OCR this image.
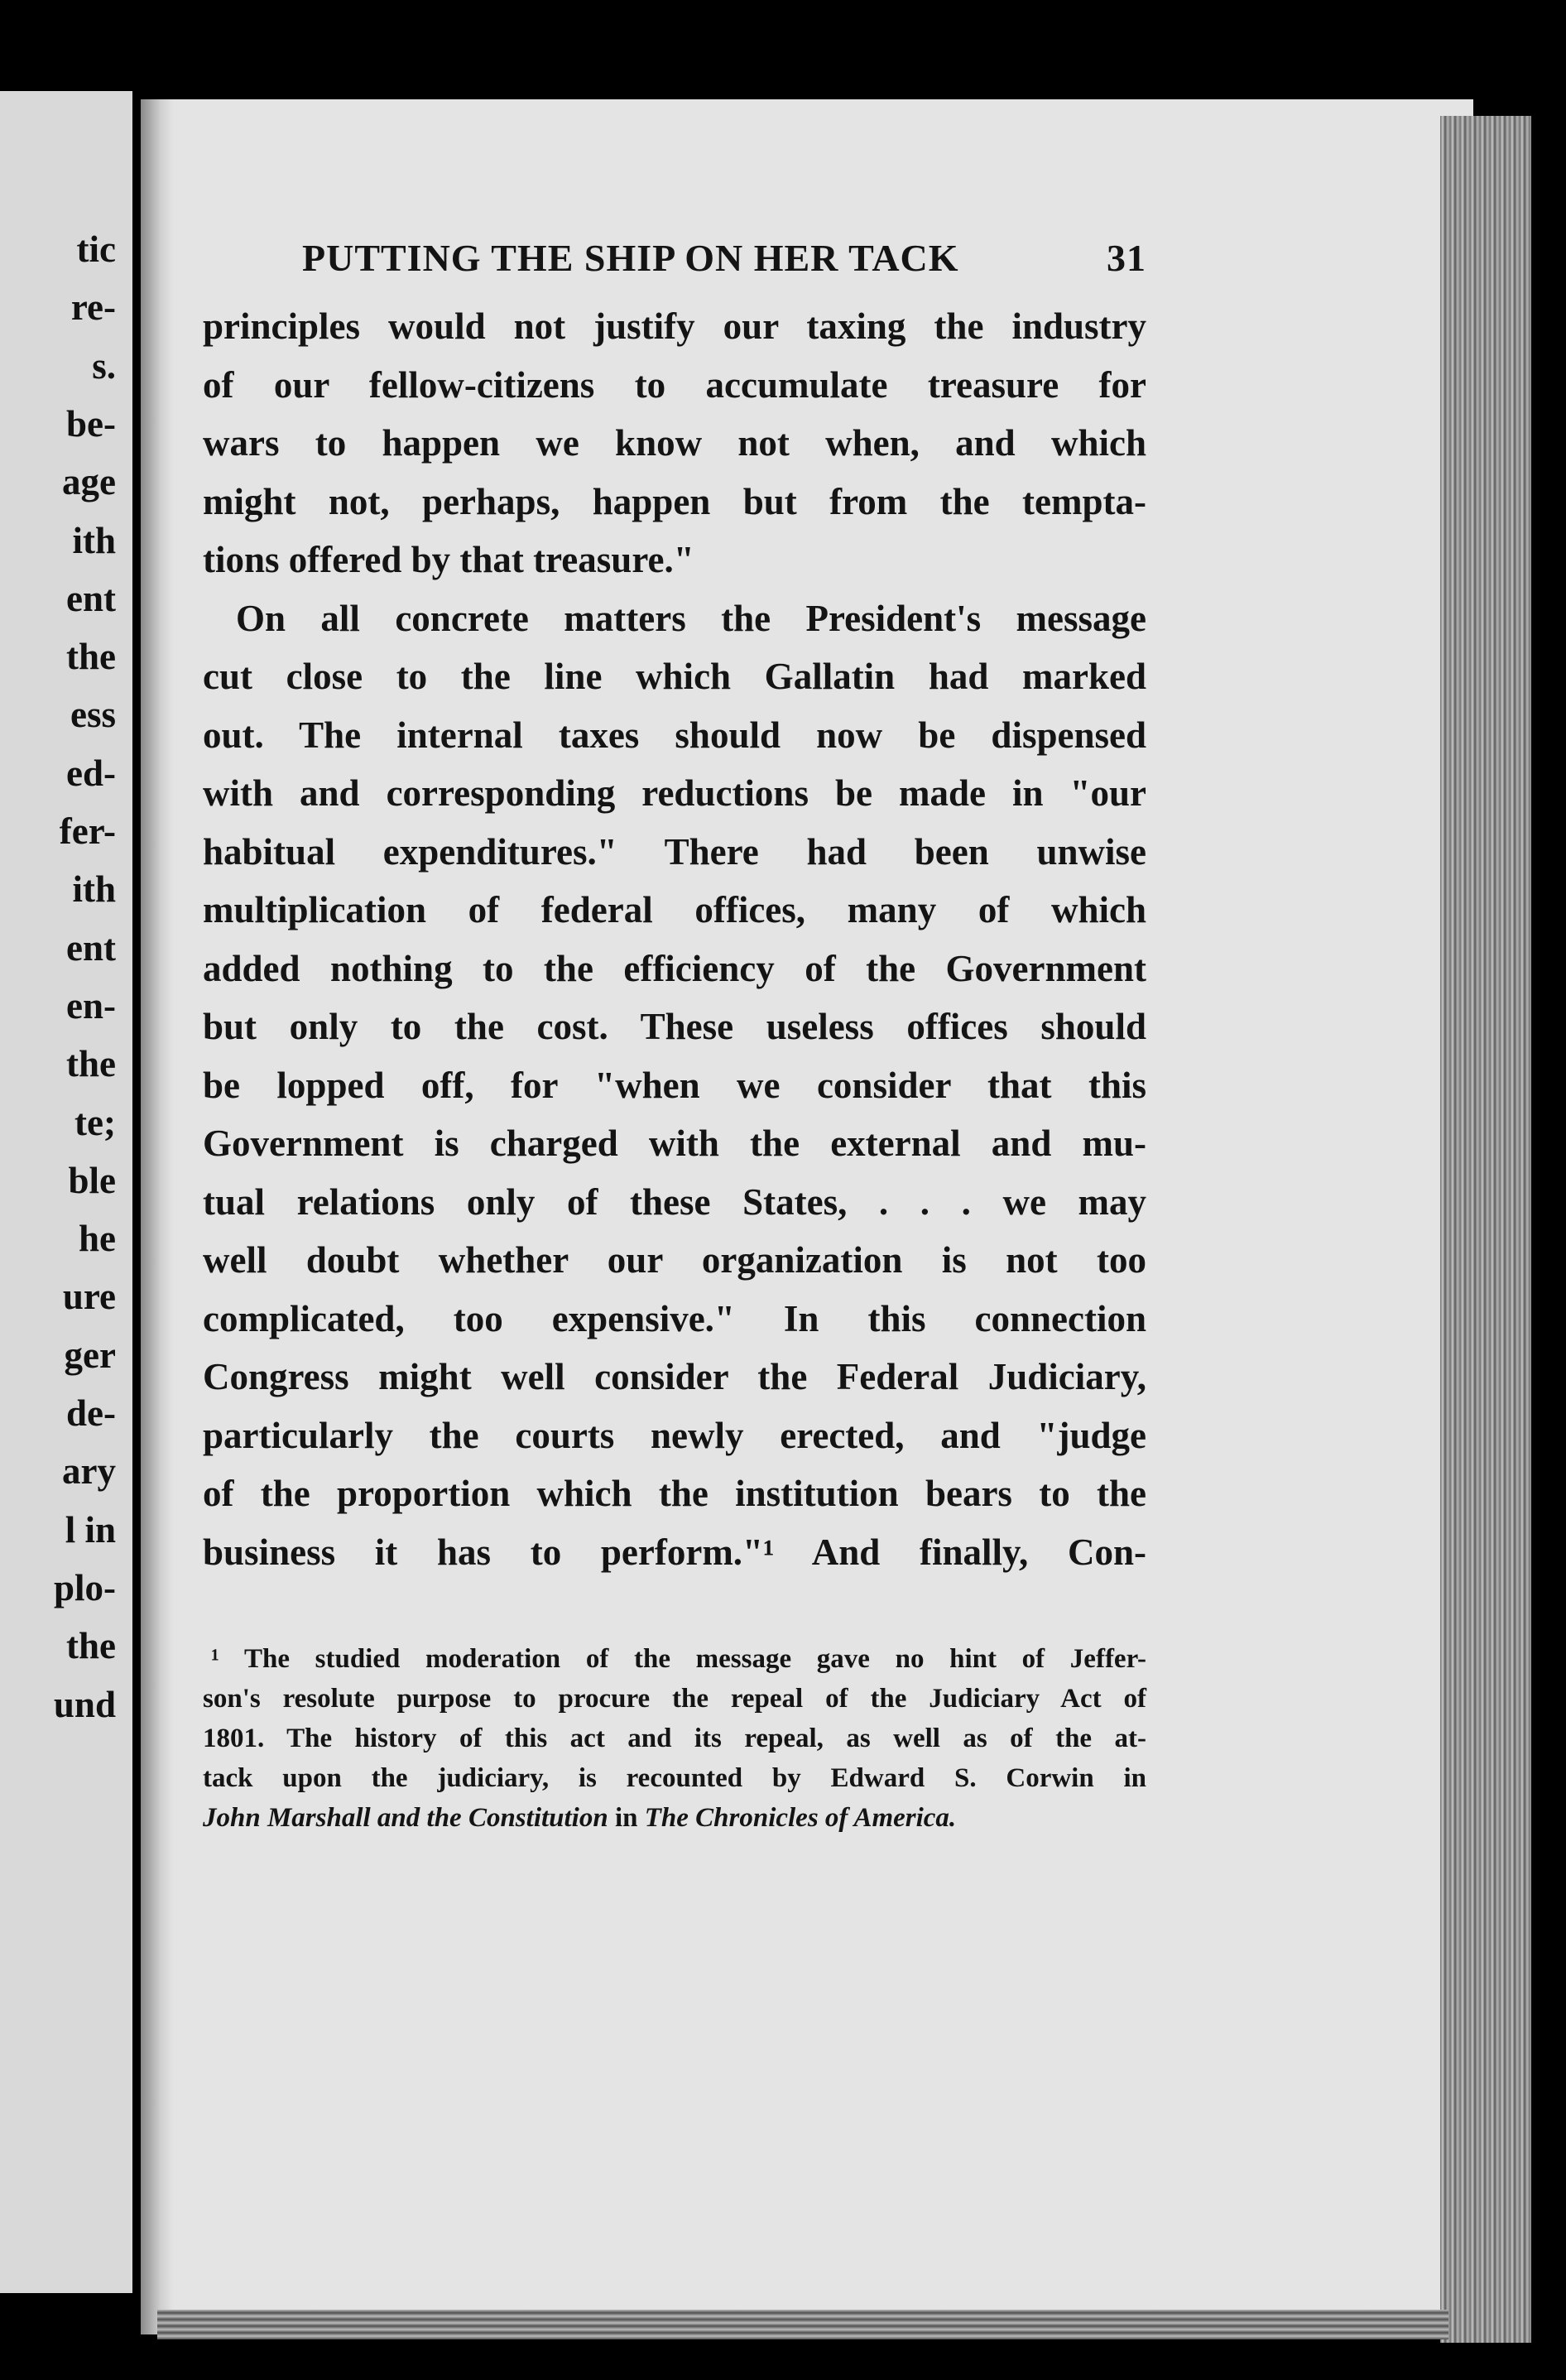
tic
re-
s.
be-
age
ith
ent
the
ess
ed-
fer-
ith
ent
en-
the
te;
ble
he
ure
ger
de-
ary
l in
plo-
the
und
PUTTING THE SHIP ON HER TACK	31
principles would not justify our taxing the industry
of our fellow-citizens to accumulate treasure for
wars to happen we know not when, and which
might not, perhaps, happen but from the tempta-
tions offered by that treasure."
On all concrete matters the President's message
cut close to the line which Gallatin had marked
out. The internal taxes should now be dispensed
with and corresponding reductions be made in "our
habitual expenditures." There had been unwise
multiplication of federal offices, many of which
added nothing to the efficiency of the Government
but only to the cost. These useless offices should
be lopped off, for "when we consider that this
Government is charged with the external and mu-
tual relations only of these States, . . . we may
well doubt whether our organization is not too
complicated, too expensive." In this connection
Congress might well consider the Federal Judiciary,
particularly the courts newly erected, and "judge
of the proportion which the institution bears to the
business it has to perform."¹ And finally, Con-
¹ The studied moderation of the message gave no hint of Jeffer-
son's resolute purpose to procure the repeal of the Judiciary Act of
1801. The history of this act and its repeal, as well as of the at-
tack upon the judiciary, is recounted by Edward S. Corwin in
John Marshall and the Constitution in The Chronicles of America.
